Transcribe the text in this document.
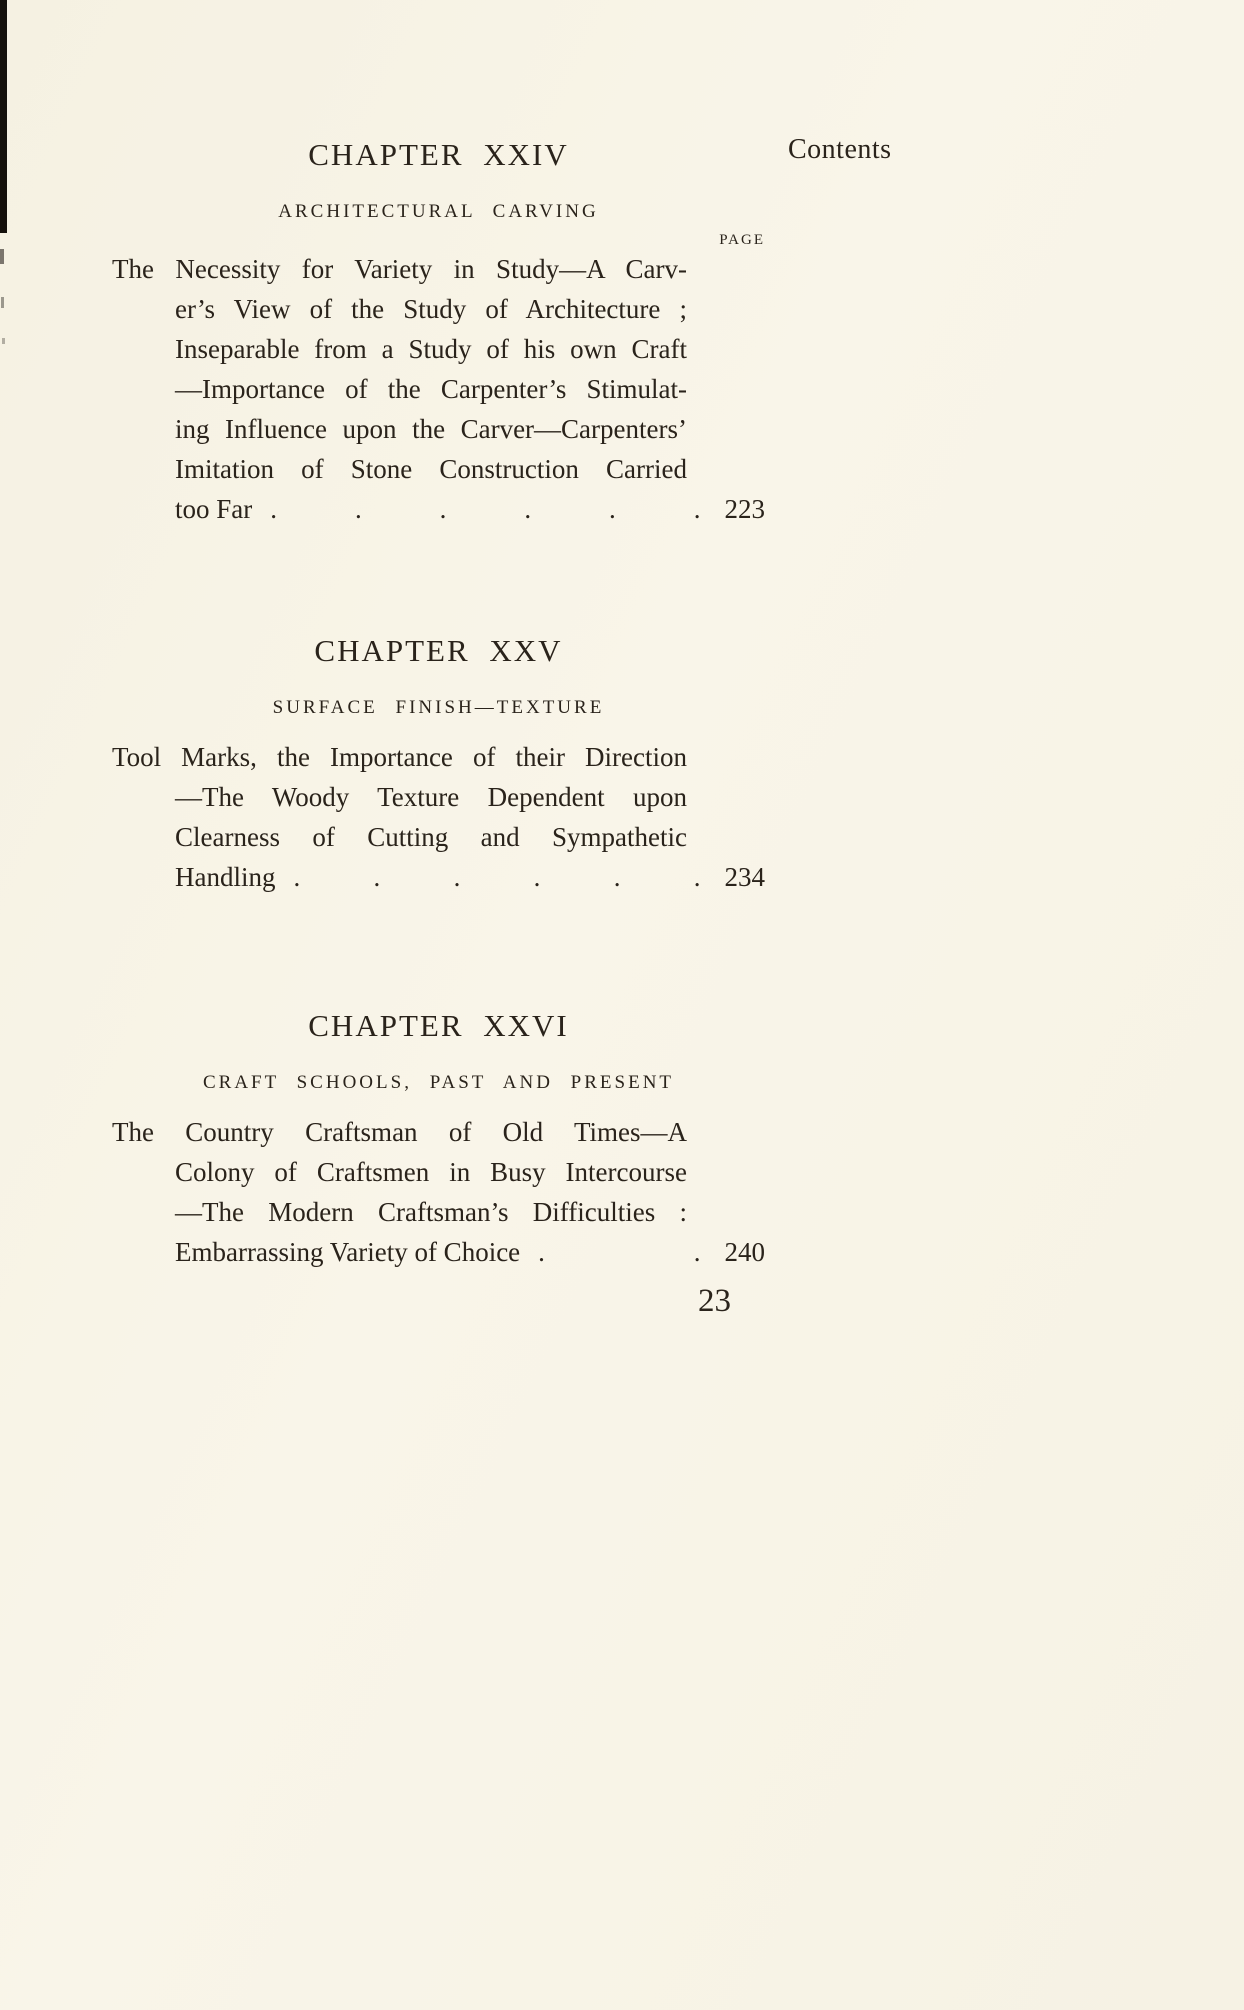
Contents
CHAPTER XXIV
ARCHITECTURAL CARVING
PAGE
The Necessity for Variety in Study—A Carv-
er’s View of the Study of Architecture ;
Inseparable from a Study of his own Craft
—Importance of the Carpenter’s Stimulat-
ing Influence upon the Carver—Carpenters’
Imitation of Stone Construction Carried
too Far . . . . . . 223
CHAPTER XXV
SURFACE FINISH—TEXTURE
Tool Marks, the Importance of their Direction
—The Woody Texture Dependent upon
Clearness of Cutting and Sympathetic
Handling . . . . . . 234
CHAPTER XXVI
CRAFT SCHOOLS, PAST AND PRESENT
The Country Craftsman of Old Times—A
Colony of Craftsmen in Busy Intercourse
—The Modern Craftsman’s Difficulties :
Embarrassing Variety of Choice . . 240
23
